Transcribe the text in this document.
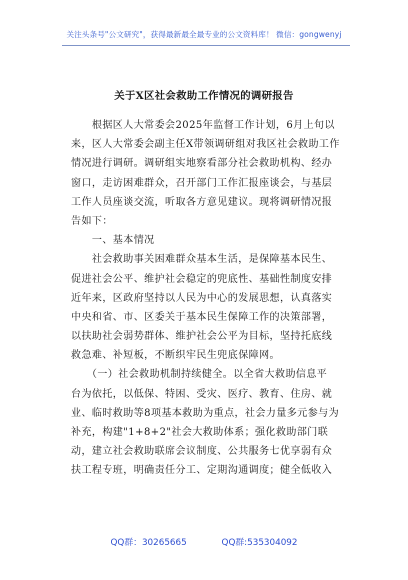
关注头条号"公文研究"，获得最新最全最专业的公文资料库！ 微信：gongwenyj
关于X区社会救助工作情况的调研报告
　　根据区人大常委会2025年监督工作计划，6月上旬以
来，区人大常委会副主任X带领调研组对我区社会救助工作
情况进行调研。调研组实地察看部分社会救助机构、经办
窗口，走访困难群众，召开部门工作汇报座谈会，与基层
工作人员座谈交流，听取各方意见建议。现将调研情况报
告如下：
　　一、基本情况
　　社会救助事关困难群众基本生活，是保障基本民生、
促进社会公平、维护社会稳定的兜底性、基础性制度安排
近年来，区政府坚持以人民为中心的发展思想，认真落实
中央和省、市、区委关于基本民生保障工作的决策部署，
以扶助社会弱势群体、维护社会公平为目标，坚持托底线
救急难、补短板，不断织牢民生兜底保障网。
　　（一）社会救助机制持续健全。以全省大救助信息平
台为依托，以低保、特困、受灾、医疗、教育、住房、就
业、临时救助等8项基本救助为重点，社会力量多元参与为
补充，构建"1+8+2"社会大救助体系；强化救助部门联
动，建立社会救助联席会议制度、公共服务七优享弱有众
扶工程专班，明确责任分工、定期沟通调度；健全低收入
QQ群：30265665	QQ群:535304092
